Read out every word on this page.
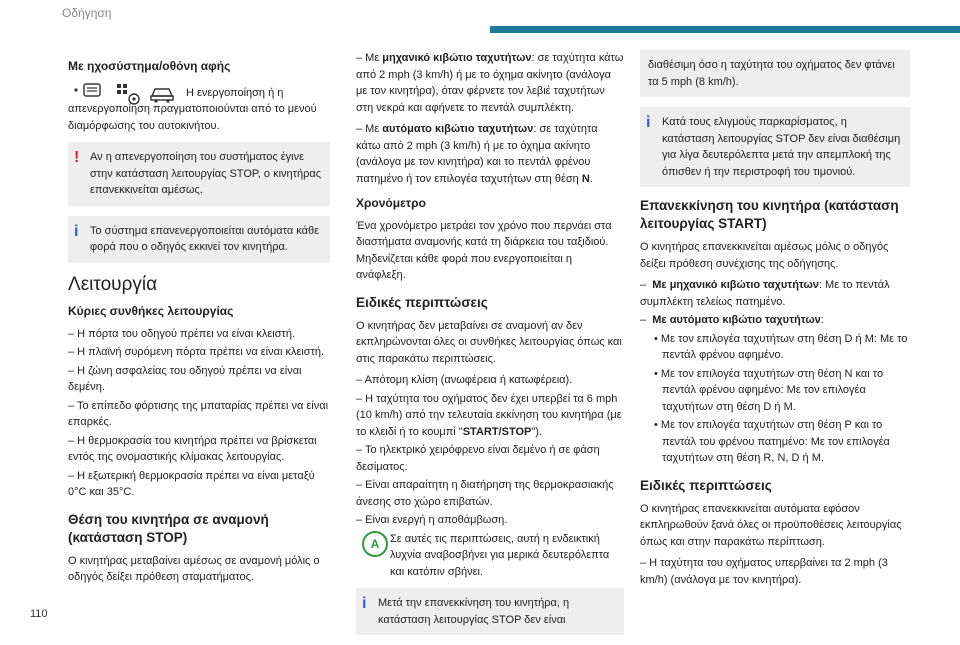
Οδήγηση
110
Με ηχοσύστημα/οθόνη αφής

Η ενεργοποίηση ή η απενεργοποίηση πραγματοποιούνται από το μενού διαμόρφωσης του αυτοκινήτου.

! Αν η απενεργοποίηση του συστήματος έγινε στην κατάσταση λειτουργίας STOP, ο κινητήρας επανεκκινείται αμέσως.
i Το σύστημα επανενεργοποιείται αυτόματα κάθε φορά που ο οδηγός εκκινεί τον κινητήρα.
Λειτουργία
Κύριες συνθήκες λειτουργίας
– Η πόρτα του οδηγού πρέπει να είναι κλειστή.
– Η πλαϊνή συρόμενη πόρτα πρέπει να είναι κλειστή.
– Η ζώνη ασφαλείας του οδηγού πρέπει να είναι δεμένη.
– Το επίπεδο φόρτισης της μπαταρίας πρέπει να είναι επαρκές.
– Η θερμοκρασία του κινητήρα πρέπει να βρίσκεται εντός της ονομαστικής κλίμακας λειτουργίας.
– Η εξωτερική θερμοκρασία πρέπει να είναι μεταξύ 0°C και 35°C.
Θέση του κινητήρα σε αναμονή (κατάσταση STOP)

Ο κινητήρας μεταβαίνει αμέσως σε αναμονή μόλις ο οδηγός δείξει πρόθεση σταματήματος.

– Με μηχανικό κιβώτιο ταχυτήτων: σε ταχύτητα κάτω από 2 mph (3 km/h) ή με το όχημα ακίνητο (ανάλογα με τον κινητήρα), όταν φέρνετε τον λεβιέ ταχυτήτων στη νεκρά και αφήνετε το πεντάλ συμπλέκτη.

– Με αυτόματο κιβώτιο ταχυτήτων: σε ταχύτητα κάτω από 2 mph (3 km/h) ή με το όχημα ακίνητο (ανάλογα με τον κινητήρα) και το πεντάλ φρένου πατημένο ή τον επιλογέα ταχυτήτων στη θέση N.

Χρονόμετρο

Ένα χρονόμετρο μετράει τον χρόνο που περνάει στα διαστήματα αναμονής κατά τη διάρκεια του ταξιδιού. Μηδενίζεται κάθε φορά που ενεργοποιείται η ανάφλεξη.

Ειδικές περιπτώσεις

Ο κινητήρας δεν μεταβαίνει σε αναμονή αν δεν εκπληρώνονται όλες οι συνθήκες λειτουργίας όπως και στις παρακάτω περιπτώσεις.

– Απότομη κλίση (ανωφέρεια ή κατωφέρεια).
– Η ταχύτητα του οχήματος δεν έχει υπερβεί τα 6 mph (10 km/h) από την τελευταία εκκίνηση του κινητήρα (με το κλειδί ή το κουμπί "START/STOP").
– Το ηλεκτρικό χειρόφρενο είναι δεμένο ή σε φάση δεσίματος.
– Είναι απαραίτητη η διατήρηση της θερμοκρασιακής άνεσης στο χώρο επιβατών.
– Είναι ενεργή η αποθάμβωση.
A Σε αυτές τις περιπτώσεις, αυτή η ενδεικτική λυχνία αναβοσβήνει για μερικά δευτερόλεπτα και κατόπιν σβήνει.
i Μετά την επανεκκίνηση του κινητήρα, η κατάσταση λειτουργίας STOP δεν είναι
διαθέσιμη όσο η ταχύτητα του οχήματος δεν φτάνει τα 5 mph (8 km/h).
i Κατά τους ελιγμούς παρκαρίσματος, η κατάσταση λειτουργίας STOP δεν είναι διαθέσιμη για λίγα δευτερόλεπτα μετά την απεμπλοκή της όπισθεν ή την περιστροφή του τιμονιού.
Επανεκκίνηση του κινητήρα (κατάσταση λειτουργίας START)

Ο κινητήρας επανεκκινείται αμέσως μόλις ο οδηγός δείξει πρόθεση συνέχισης της οδήγησης.

– Με μηχανικό κιβώτιο ταχυτήτων: Με το πεντάλ συμπλέκτη τελείως πατημένο.
– Με αυτόματο κιβώτιο ταχυτήτων:
• Με τον επιλογέα ταχυτήτων στη θέση D ή M: Με το πεντάλ φρένου αφημένο.
• Με τον επιλογέα ταχυτήτων στη θέση N και το πεντάλ φρένου αφημένο: Με τον επιλογέα ταχυτήτων στη θέση D ή M.
• Με τον επιλογέα ταχυτήτων στη θέση P και το πεντάλ του φρένου πατημένο: Με τον επιλογέα ταχυτήτων στη θέση R, N, D ή M.
Ειδικές περιπτώσεις

Ο κινητήρας επανεκκινείται αυτόματα εφόσον εκπληρωθούν ξανά όλες οι προϋποθέσεις λειτουργίας όπως και στην παρακάτω περίπτωση.

– Η ταχύτητα του οχήματος υπερβαίνει τα 2 mph (3 km/h) (ανάλογα με τον κινητήρα).
